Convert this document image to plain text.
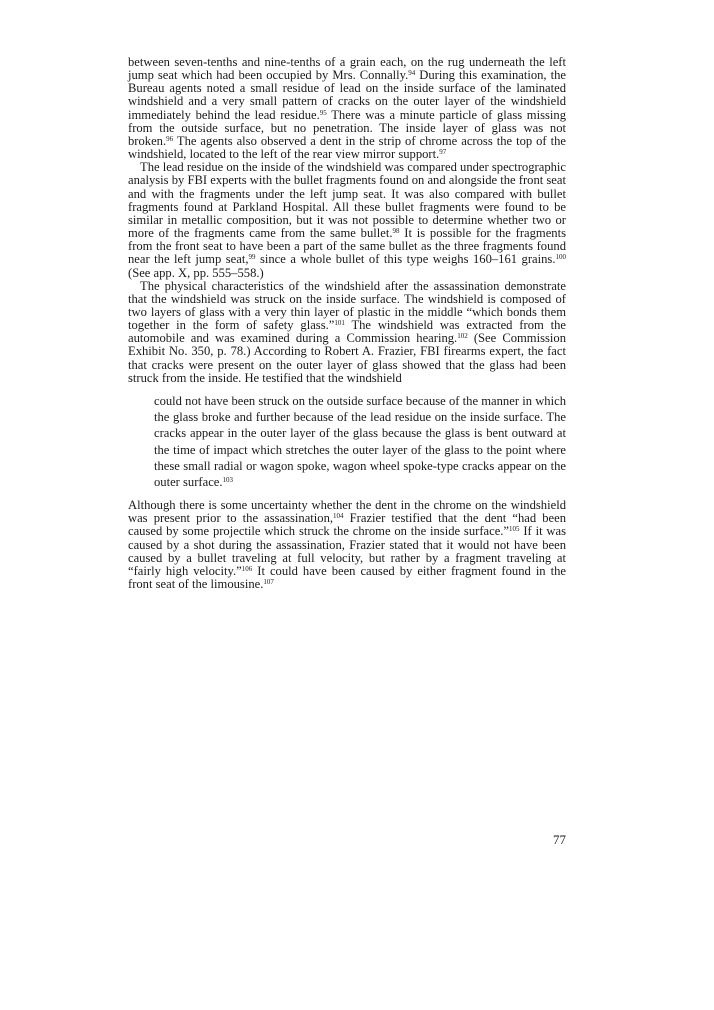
between seven-tenths and nine-tenths of a grain each, on the rug underneath the left jump seat which had been occupied by Mrs. Connally.$^{94}$ During this examination, the Bureau agents noted a small residue of lead on the inside surface of the laminated windshield and a very small pattern of cracks on the outer layer of the windshield immediately behind the lead residue.$^{95}$ There was a minute particle of glass missing from the outside surface, but no penetration. The inside layer of glass was not broken.$^{96}$ The agents also observed a dent in the strip of chrome across the top of the windshield, located to the left of the rear view mirror support.$^{97}$

The lead residue on the inside of the windshield was compared under spectrographic analysis by FBI experts with the bullet fragments found on and alongside the front seat and with the fragments under the left jump seat. It was also compared with bullet fragments found at Parkland Hospital. All these bullet fragments were found to be similar in metallic composition, but it was not possible to determine whether two or more of the fragments came from the same bullet.$^{98}$ It is possible for the fragments from the front seat to have been a part of the same bullet as the three fragments found near the left jump seat,$^{99}$ since a whole bullet of this type weighs 160–161 grains.$^{100}$ (See app. X, pp. 555–558.)

The physical characteristics of the windshield after the assassination demonstrate that the windshield was struck on the inside surface. The windshield is composed of two layers of glass with a very thin layer of plastic in the middle “which bonds them together in the form of safety glass.”$^{101}$ The windshield was extracted from the automobile and was examined during a Commission hearing.$^{102}$ (See Commission Exhibit No. 350, p. 78.) According to Robert A. Frazier, FBI firearms expert, the fact that cracks were present on the outer layer of glass showed that the glass had been struck from the inside. He testified that the windshield

could not have been struck on the outside surface because of the manner in which the glass broke and further because of the lead residue on the inside surface. The cracks appear in the outer layer of the glass because the glass is bent outward at the time of impact which stretches the outer layer of the glass to the point where these small radial or wagon spoke, wagon wheel spoke-type cracks appear on the outer surface.$^{103}$

Although there is some uncertainty whether the dent in the chrome on the windshield was present prior to the assassination,$^{104}$ Frazier testified that the dent “had been caused by some projectile which struck the chrome on the inside surface.”$^{105}$ If it was caused by a shot during the assassination, Frazier stated that it would not have been caused by a bullet traveling at full velocity, but rather by a fragment traveling at “fairly high velocity.”$^{106}$ It could have been caused by either fragment found in the front seat of the limousine.$^{107}$

77
